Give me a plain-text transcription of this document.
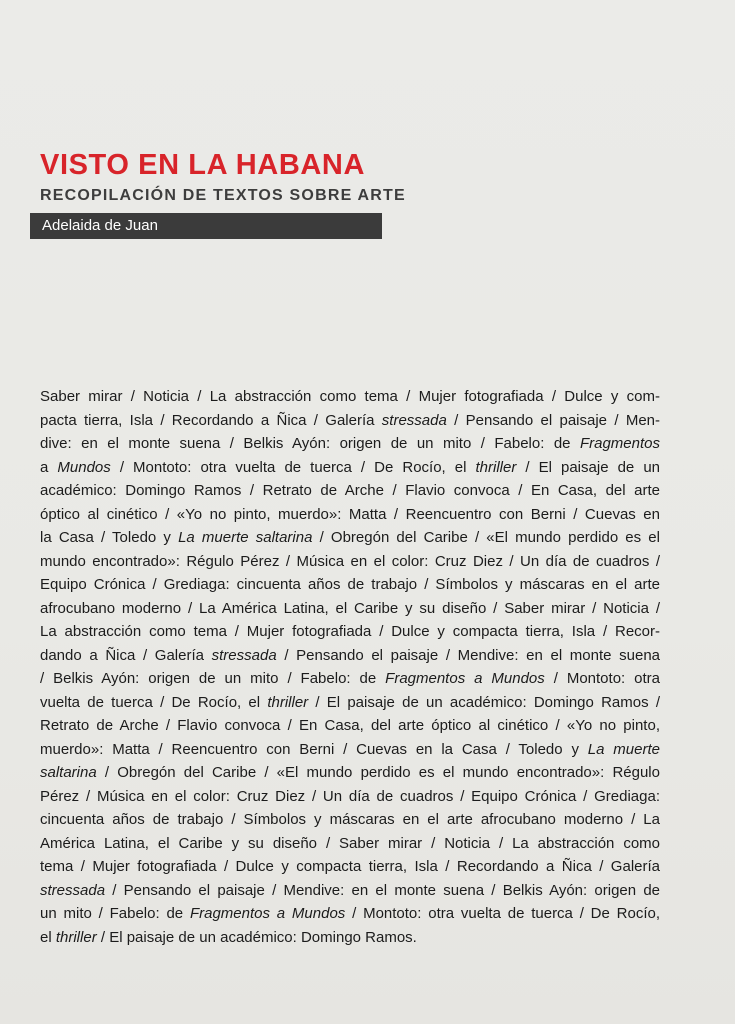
VISTO EN LA HABANA
RECOPILACIÓN DE TEXTOS SOBRE ARTE
Adelaida de Juan

Saber mirar / Noticia / La abstracción como tema / Mujer fotografiada / Dulce y com-
pacta tierra, Isla / Recordando a Ñica / Galería stressada / Pensando el paisaje / Men-
dive: en el monte suena / Belkis Ayón: origen de un mito / Fabelo: de Fragmentos
a Mundos / Montoto: otra vuelta de tuerca / De Rocío, el thriller / El paisaje de un
académico: Domingo Ramos / Retrato de Arche / Flavio convoca / En Casa, del arte
óptico al cinético / «Yo no pinto, muerdo»: Matta / Reencuentro con Berni / Cuevas en
la Casa / Toledo y La muerte saltarina / Obregón del Caribe / «El mundo perdido es el
mundo encontrado»: Régulo Pérez / Música en el color: Cruz Diez / Un día de cuadros /
Equipo Crónica / Grediaga: cincuenta años de trabajo / Símbolos y máscaras en el arte
afrocubano moderno / La América Latina, el Caribe y su diseño / Saber mirar / Noticia /
La abstracción como tema / Mujer fotografiada / Dulce y compacta tierra, Isla / Recor-
dando a Ñica / Galería stressada / Pensando el paisaje / Mendive: en el monte suena
/ Belkis Ayón: origen de un mito / Fabelo: de Fragmentos a Mundos / Montoto: otra
vuelta de tuerca / De Rocío, el thriller / El paisaje de un académico: Domingo Ramos /
Retrato de Arche / Flavio convoca / En Casa, del arte óptico al cinético / «Yo no pinto,
muerdo»: Matta / Reencuentro con Berni / Cuevas en la Casa / Toledo y La muerte
saltarina / Obregón del Caribe / «El mundo perdido es el mundo encontrado»: Régulo
Pérez / Música en el color: Cruz Diez / Un día de cuadros / Equipo Crónica / Grediaga:
cincuenta años de trabajo / Símbolos y máscaras en el arte afrocubano moderno / La
América Latina, el Caribe y su diseño / Saber mirar / Noticia / La abstracción como
tema / Mujer fotografiada / Dulce y compacta tierra, Isla / Recordando a Ñica / Galería
stressada / Pensando el paisaje / Mendive: en el monte suena / Belkis Ayón: origen de
un mito / Fabelo: de Fragmentos a Mundos / Montoto: otra vuelta de tuerca / De Rocío,
el thriller / El paisaje de un académico: Domingo Ramos.
